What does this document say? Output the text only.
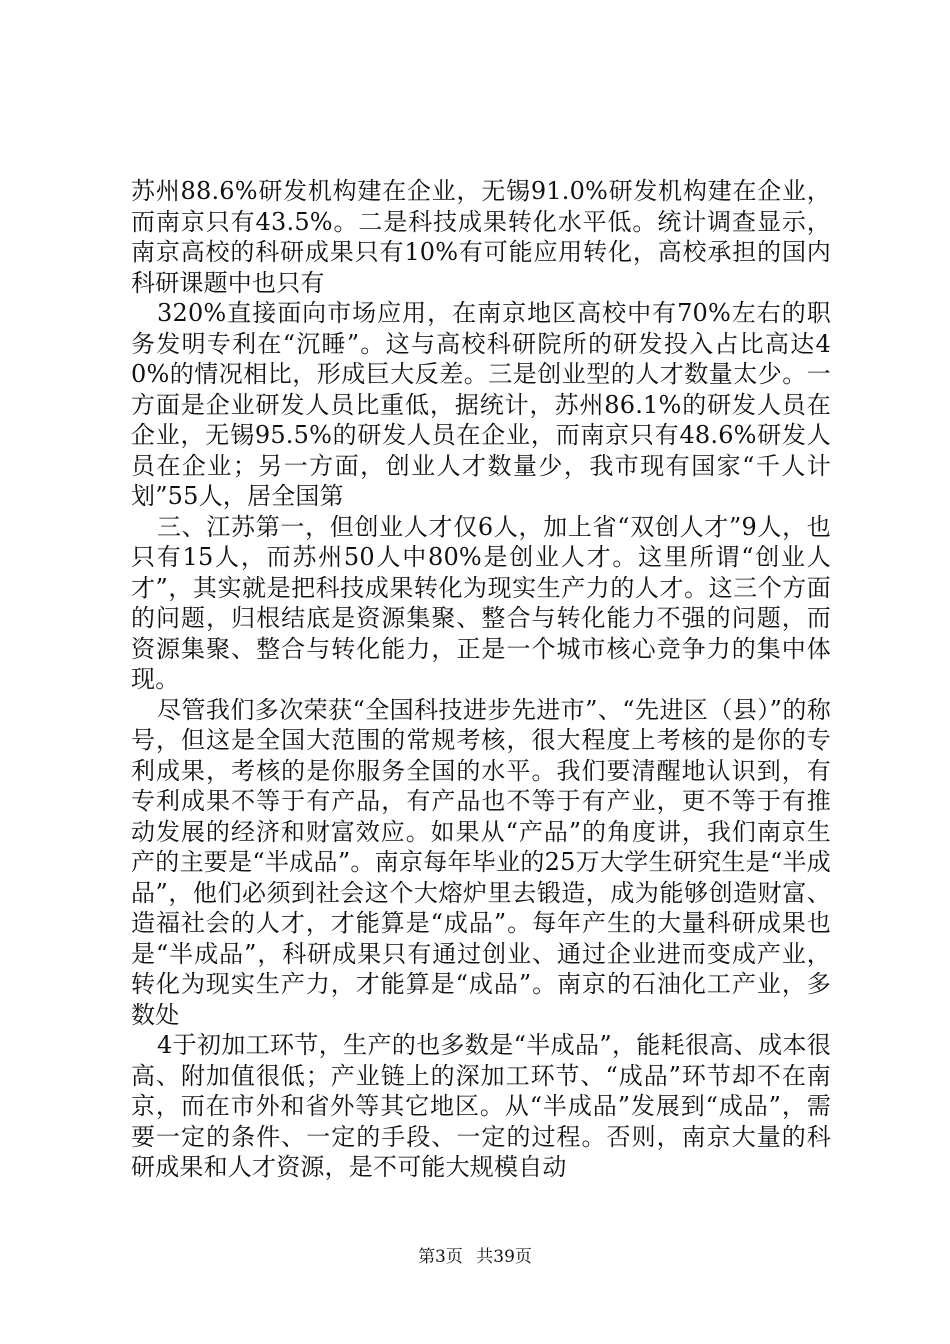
苏州88.6%研发机构建在企业，无锡91.0%研发机构建在企业，而南京只有43.5%。二是科技成果转化水平低。统计调查显示，南京高校的科研成果只有10%有可能应用转化，高校承担的国内科研课题中也只有

320%直接面向市场应用，在南京地区高校中有70%左右的职务发明专利在“沉睡”。这与高校科研院所的研发投入占比高达40%的情况相比，形成巨大反差。三是创业型的人才数量太少。一方面是企业研发人员比重低，据统计，苏州86.1%的研发人员在企业，无锡95.5%的研发人员在企业，而南京只有48.6%研发人员在企业；另一方面，创业人才数量少，我市现有国家“千人计划”55人，居全国第

三、江苏第一，但创业人才仅6人，加上省“双创人才”9人，也只有15人，而苏州50人中80%是创业人才。这里所谓“创业人才”，其实就是把科技成果转化为现实生产力的人才。这三个方面的问题，归根结底是资源集聚、整合与转化能力不强的问题，而资源集聚、整合与转化能力，正是一个城市核心竞争力的集中体现。

尽管我们多次荣获“全国科技进步先进市”、“先进区（县）”的称号，但这是全国大范围的常规考核，很大程度上考核的是你的专利成果，考核的是你服务全国的水平。我们要清醒地认识到，有专利成果不等于有产品，有产品也不等于有产业，更不等于有推动发展的经济和财富效应。如果从“产品”的角度讲，我们南京生产的主要是“半成品”。南京每年毕业的25万大学生研究生是“半成品”，他们必须到社会这个大熔炉里去锻造，成为能够创造财富、造福社会的人才，才能算是“成品”。每年产生的大量科研成果也是“半成品”，科研成果只有通过创业、通过企业进而变成产业，转化为现实生产力，才能算是“成品”。南京的石油化工产业，多数处

4于初加工环节，生产的也多数是“半成品”，能耗很高、成本很高、附加值很低；产业链上的深加工环节、“成品”环节却不在南京，而在市外和省外等其它地区。从“半成品”发展到“成品”，需要一定的条件、一定的手段、一定的过程。否则，南京大量的科研成果和人才资源，是不可能大规模自动

第3页 共39页
